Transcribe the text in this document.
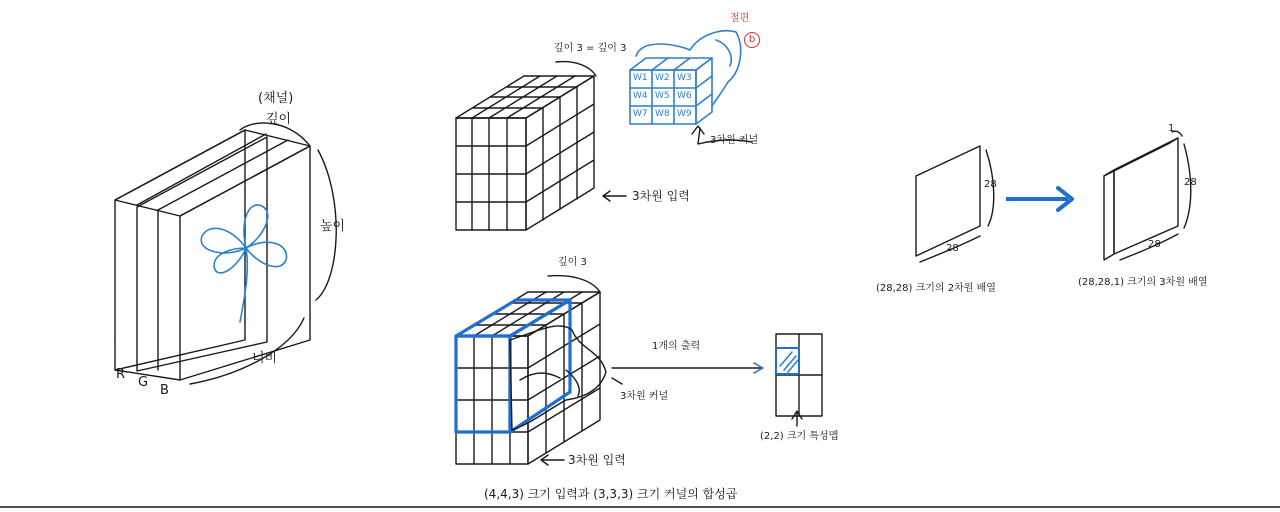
(채널)
깊이
높이
너비
R
G
B
깊이 3 = 깊이 3
절편
b
3차원 커널
3차원 입력
W1 W2 W3
W4 W5 W6
W7 W8 W9
깊이 3
1개의 출력
3차원 커널
3차원 입력
(2,2) 크기 특성맵
(4,4,3) 크기 입력과 (3,3,3) 크기 커널의 합성곱
28
28
(28,28) 크기의 2차원 배열
1
28
28
(28,28,1) 크기의 3차원 배열
